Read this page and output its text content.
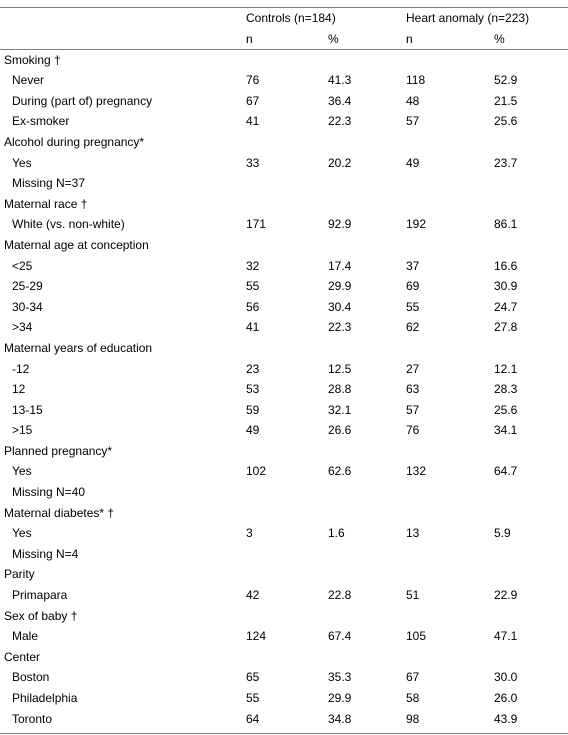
	Controls (n=184)		Heart anomaly (n=223)	
	n	%	n	%
Smoking †				
Never	76	41.3	118	52.9
During (part of) pregnancy	67	36.4	48	21.5
Ex-smoker	41	22.3	57	25.6
Alcohol during pregnancy*				
Yes	33	20.2	49	23.7
Missing N=37				
Maternal race †				
White (vs. non-white)	171	92.9	192	86.1
Maternal age at conception				
<25	32	17.4	37	16.6
25-29	55	29.9	69	30.9
30-34	56	30.4	55	24.7
>34	41	22.3	62	27.8
Maternal years of education				
-12	23	12.5	27	12.1
12	53	28.8	63	28.3
13-15	59	32.1	57	25.6
>15	49	26.6	76	34.1
Planned pregnancy*				
Yes	102	62.6	132	64.7
Missing N=40				
Maternal diabetes* †				
Yes	3	1.6	13	5.9
Missing N=4				
Parity				
Primapara	42	22.8	51	22.9
Sex of baby †				
Male	124	67.4	105	47.1
Center				
Boston	65	35.3	67	30.0
Philadelphia	55	29.9	58	26.0
Toronto	64	34.8	98	43.9
